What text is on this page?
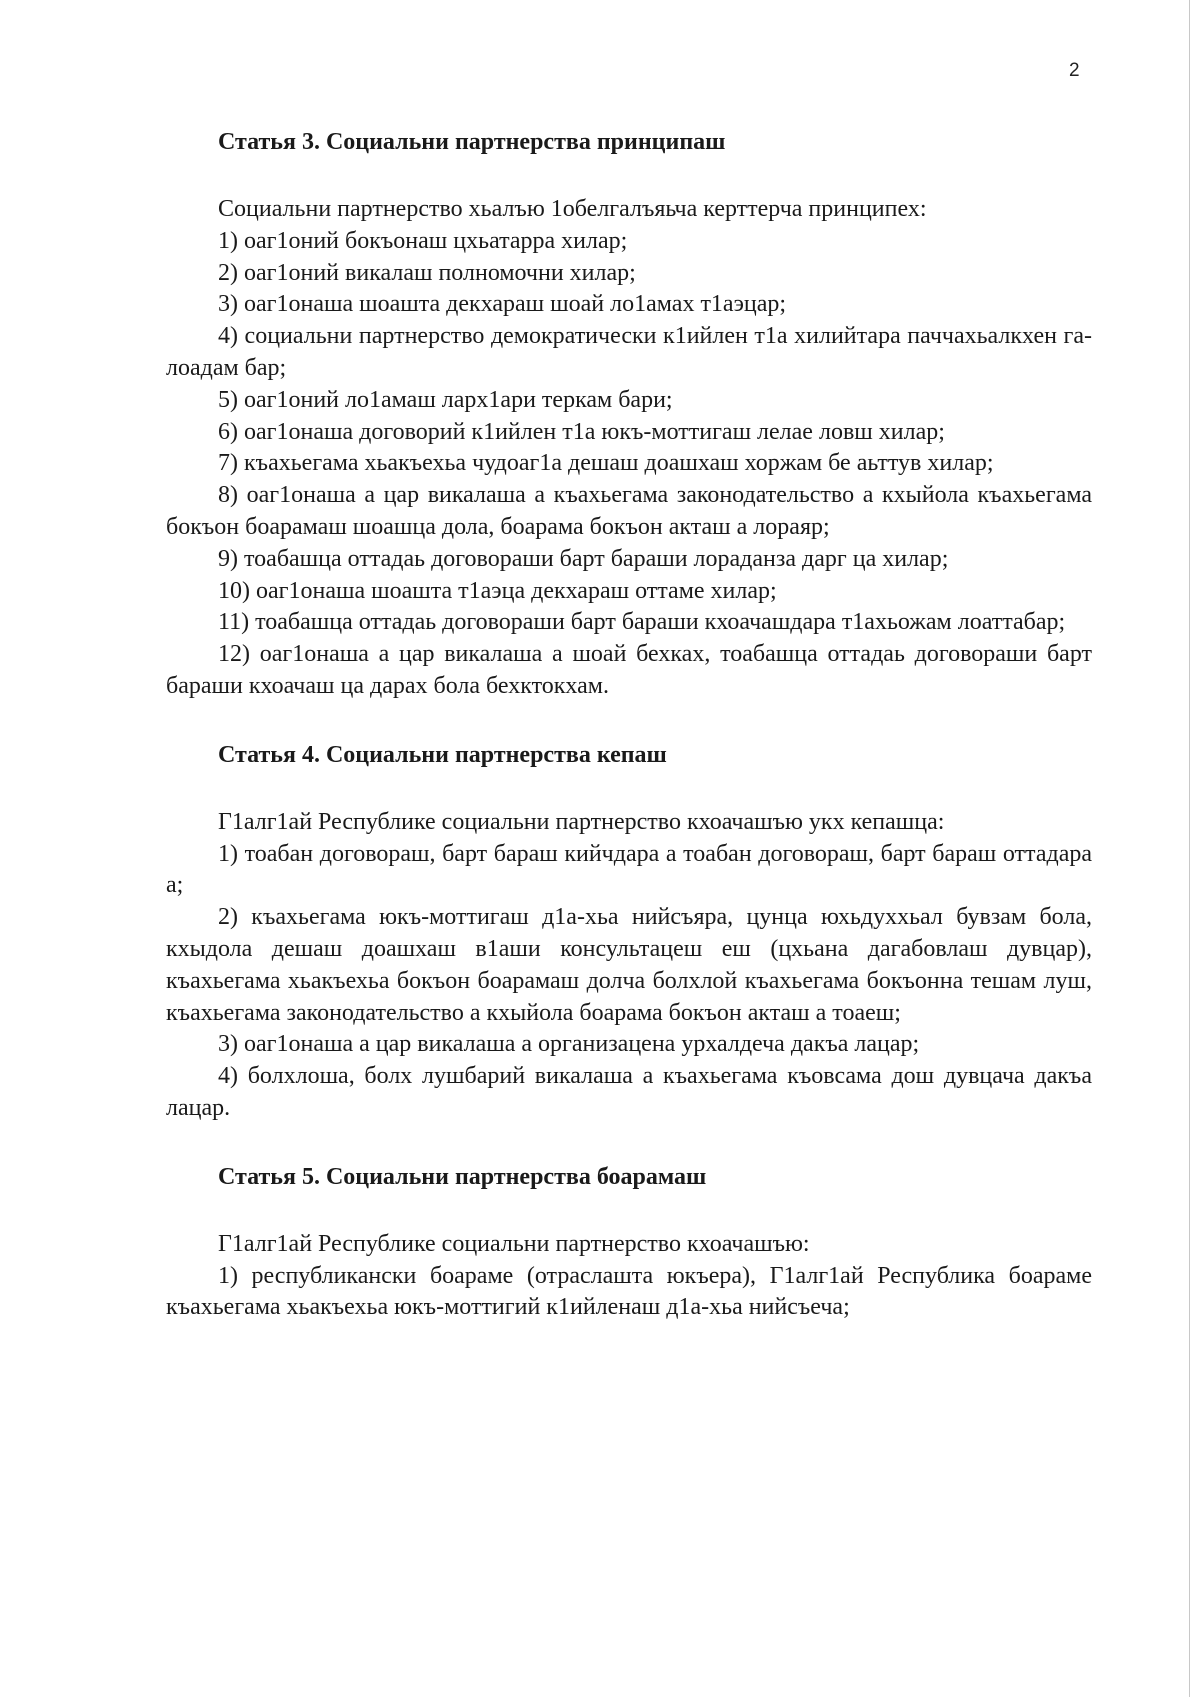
2
Статья 3. Социальни партнерства принципаш

Социальни партнерство хьалъю 1обелгалъяьча керттерча принципех:

1) оаг1оний бокъонаш цхьатарра хилар;

2) оаг1оний викалаш полномочни хилар;

3) оаг1онаша шоашта декхараш шоай ло1амах т1аэцар;

4) социальни партнерство демократически к1ийлен т1а хилийтара паччахьалкхен га-лоадам бар;

5) оаг1оний ло1амаш ларх1ари теркам бари;

6) оаг1онаша договорий к1ийлен т1а юкъ-моттигаш лелае ловш хилар;

7) къахьегама хьакъехьа чудоаг1а дешаш доашхаш хоржам бе аьттув хилар;

8) оаг1онаша а цар викалаша а къахьегама законодательство а кхыйола къахьегама бокъон боарамаш шоашца дола, боарама бокъон акташ а лораяр;

9) тоабашца оттадаь договораши барт бараши лораданза дарг ца хилар;

10) оаг1онаша шоашта т1аэца декхараш оттаме хилар;

11) тоабашца оттадаь договораши барт бараши кхоачашдара т1ахьожам лоаттабар;

12) оаг1онаша а цар викалаша а шоай бехках, тоабашца оттадаь договораши барт бараши кхоачаш ца дарах бола бехктокхам.

Статья 4. Социальни партнерства кепаш

Г1алг1ай Республике социальни партнерство кхоачашъю укх кепашца:

1) тоабан договораш, барт бараш кийчдара а тоабан договораш, барт бараш оттадара а;

2) къахьегама юкъ-моттигаш д1а-хьа нийсъяра, цунца юхьдуххьал бувзам бола, кхыдола дешаш доашхаш в1аши консультацеш еш (цхьана дагабовлаш дувцар), къахьегама хьакъехьа бокъон боарамаш долча болхлой къахьегама бокъонна тешам луш, къахьегама законодательство а кхыйола боарама бокъон акташ а тоаеш;

3) оаг1онаша а цар викалаша а организацена урхалдеча дакъа лацар;

4) болхлоша, болх лушбарий викалаша а къахьегама къовсама дош дувцача дакъа лацар.

Статья 5. Социальни партнерства боарамаш

Г1алг1ай Республике социальни партнерство кхоачашъю:

1) республикански боараме (отраслашта юкъера), Г1алг1ай Республика боараме къахьегама хьакъехьа юкъ-моттигий к1ийленаш д1а-хьа нийсъеча;
